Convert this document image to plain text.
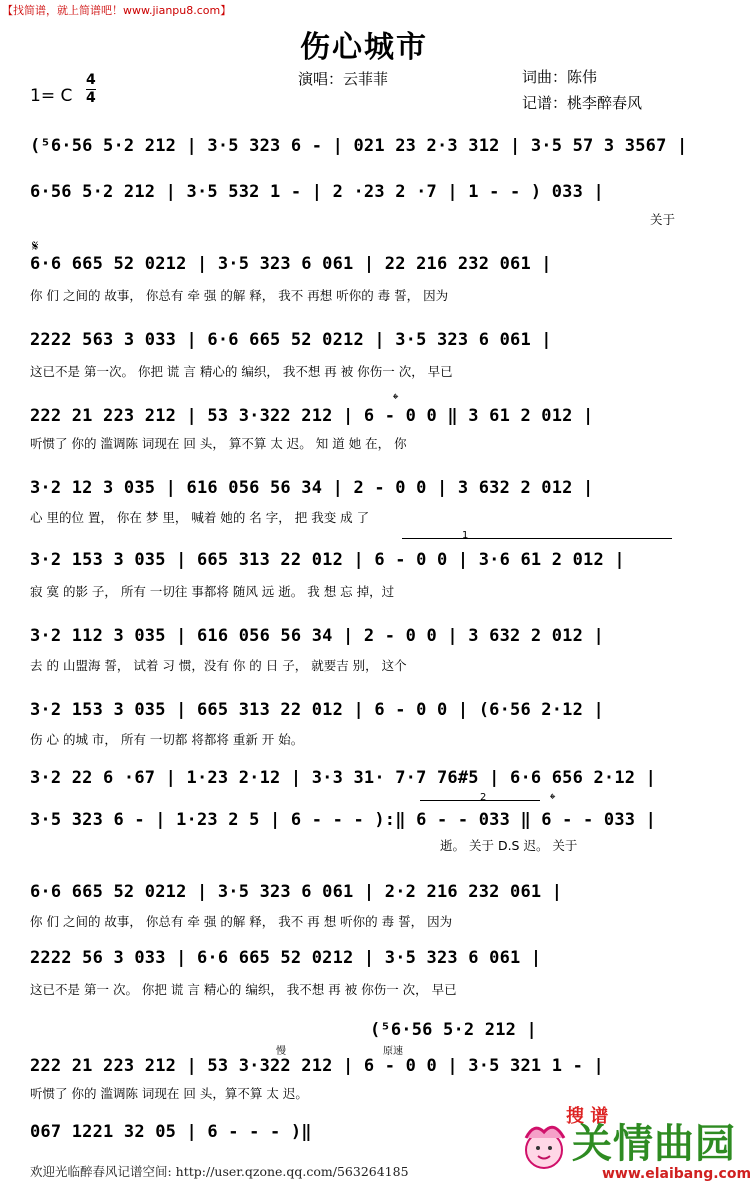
【找简谱，就上简谱吧！www.jianpu8.com】
伤心城市
演唱：云菲菲	词曲：陈伟
记谱：桃李醉春风
1= C $\frac{4}{4}$
(⁵6·56 5·2 212 | 3·5 323 6 - | 021 23 2·3 312 | 3·5 57 3 3567 |
6·56 5·2 212 | 3·5 532 1 - | 2 ·23 2 ·7 | 1 - - ) 033 |
关于
𝄋
6·6 665 52 0212 | 3·5 323 6 061 | 22 216 232 061 |
你 们 之间的 故事， 你总有 牵 强 的解 释， 我不 再想 听你的 毒 誓， 因为
2222 563 3 033 | 6·6 665 52 0212 | 3·5 323 6 061 |
这已不是 第一次。 你把 谎 言 精心的 编织， 我不想 再 被 你伤一 次， 早已
𝄌
222 21 223 212 | 53 3·322 212 | 6 - 0 0 ‖ 3 61 2 012 |
听惯了 你的 滥调陈 词现在 回 头， 算不算 太 迟。 知 道 她 在， 你
3·2 12 3 035 | 616 056 56 34 | 2 - 0 0 | 3 632 2 012 |
心 里的位 置， 你在 梦 里， 喊着 她的 名 字， 把 我变 成 了
1
3·2 153 3 035 | 665 313 22 012 | 6 - 0 0 | 3·6 61 2 012 |
寂 寞 的影 子， 所有 一切往 事都将 随风 远 逝。 我 想 忘 掉，过
3·2 112 3 035 | 616 056 56 34 | 2 - 0 0 | 3 632 2 012 |
去 的 山盟海 誓， 试着 习 惯，没有 你 的 日 子， 就要吉 别， 这个
3·2 153 3 035 | 665 313 22 012 | 6 - 0 0 | (6·56 2·12 |
伤 心 的城 市， 所有 一切都 将都将 重新 开 始。
3·2 22 6 ·67 | 1·23 2·12 | 3·3 31· 7·7 76#5 | 6·6 656 2·12 |
2	𝄌
3·5 323 6 - | 1·23 2 5 | 6 - - - ):‖ 6 - - 033 ‖ 6 - - 033 |
逝。 关于 D.S 迟。 关于
6·6 665 52 0212 | 3·5 323 6 061 | 2·2 216 232 061 |
你 们 之间的 故事， 你总有 牵 强 的解 释， 我不 再 想 听你的 毒 誓， 因为
2222 56 3 033 | 6·6 665 52 0212 | 3·5 323 6 061 |
这已不是 第一 次。 你把 谎 言 精心的 编织， 我不想 再 被 你伤一 次， 早已
(⁵6·56 5·2 212 |
慢	原速
222 21 223 212 | 53 3·322 212 | 6 - 0 0 | 3·5 321 1 - |
听惯了 你的 滥调陈 词现在 回 头，算不算 太 迟。
067 1221 32 05 | 6 - - - )‖
欢迎光临醉春风记谱空间: http://user.qzone.qq.com/563264185
搜 谱
关情曲园
www.elaibang.com
